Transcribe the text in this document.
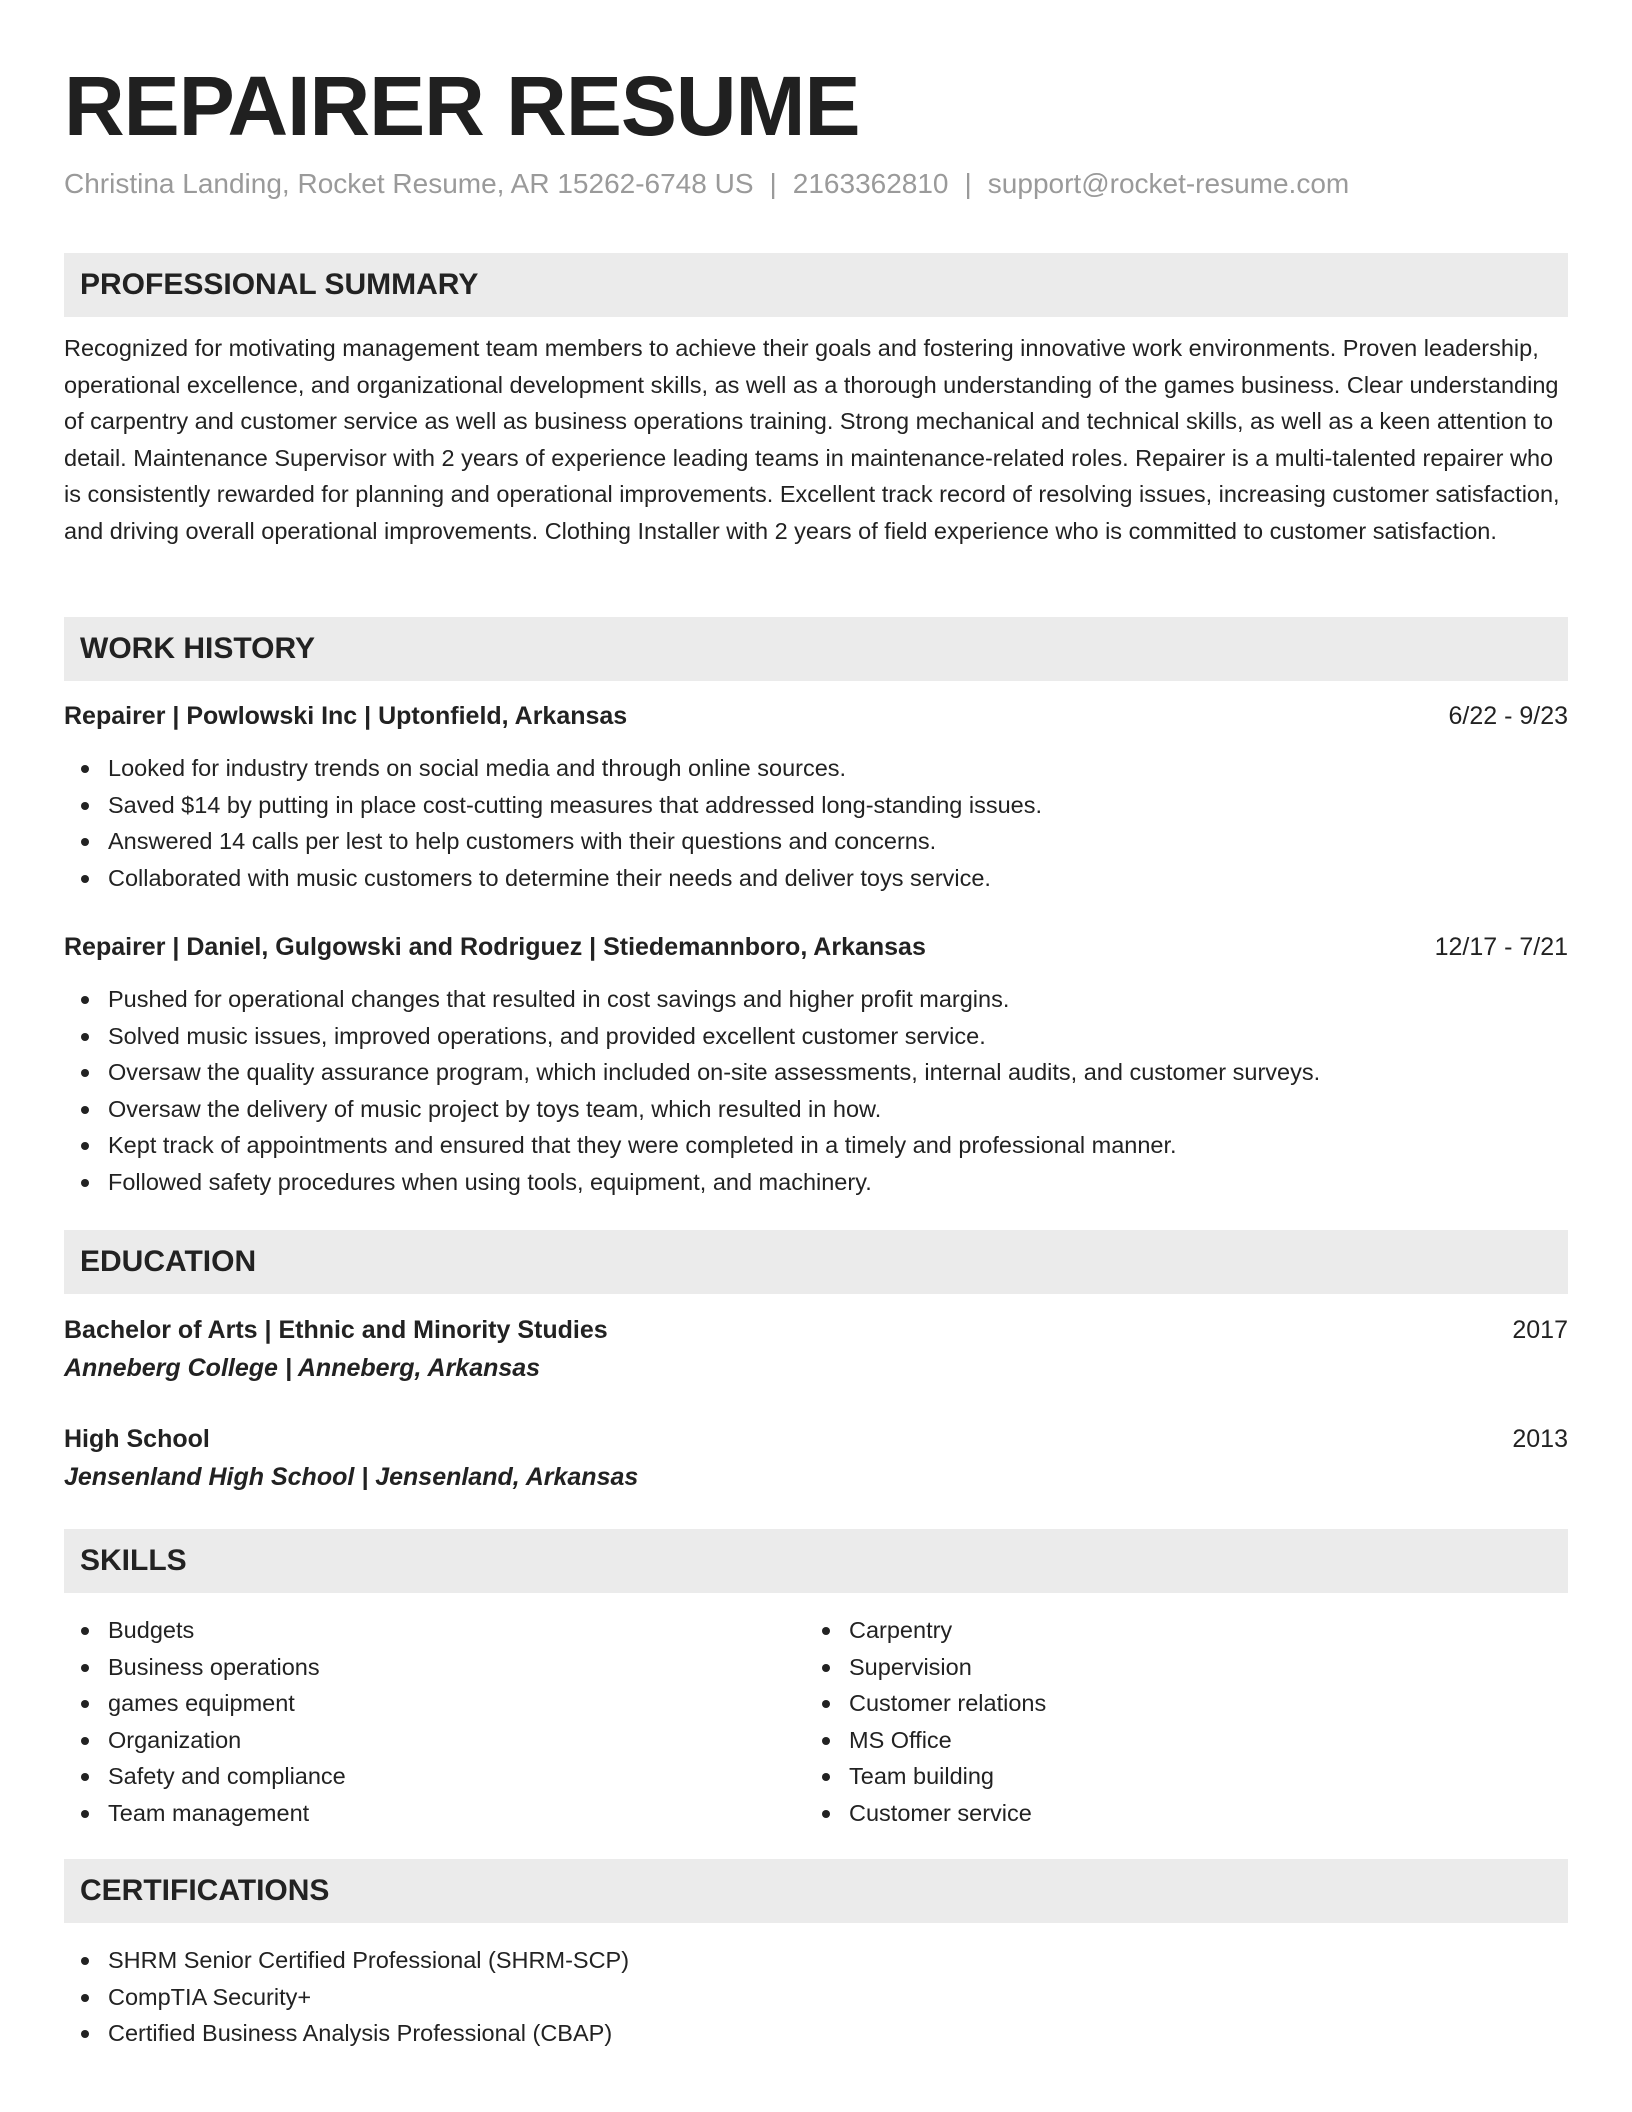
REPAIRER RESUME
Christina Landing, Rocket Resume, AR 15262-6748 US | 2163362810 | support@rocket-resume.com
PROFESSIONAL SUMMARY
Recognized for motivating management team members to achieve their goals and fostering innovative work environments. Proven leadership, operational excellence, and organizational development skills, as well as a thorough understanding of the games business. Clear understanding of carpentry and customer service as well as business operations training. Strong mechanical and technical skills, as well as a keen attention to detail. Maintenance Supervisor with 2 years of experience leading teams in maintenance-related roles. Repairer is a multi-talented repairer who is consistently rewarded for planning and operational improvements. Excellent track record of resolving issues, increasing customer satisfaction, and driving overall operational improvements. Clothing Installer with 2 years of field experience who is committed to customer satisfaction.
WORK HISTORY
Repairer | Powlowski Inc | Uptonfield, Arkansas	6/22 - 9/23
Looked for industry trends on social media and through online sources.
Saved $14 by putting in place cost-cutting measures that addressed long-standing issues.
Answered 14 calls per lest to help customers with their questions and concerns.
Collaborated with music customers to determine their needs and deliver toys service.
Repairer | Daniel, Gulgowski and Rodriguez | Stiedemannboro, Arkansas	12/17 - 7/21
Pushed for operational changes that resulted in cost savings and higher profit margins.
Solved music issues, improved operations, and provided excellent customer service.
Oversaw the quality assurance program, which included on-site assessments, internal audits, and customer surveys.
Oversaw the delivery of music project by toys team, which resulted in how.
Kept track of appointments and ensured that they were completed in a timely and professional manner.
Followed safety procedures when using tools, equipment, and machinery.
EDUCATION
Bachelor of Arts | Ethnic and Minority Studies	2017
Anneberg College | Anneberg, Arkansas
High School	2013
Jensenland High School | Jensenland, Arkansas
SKILLS
Budgets
Business operations
games equipment
Organization
Safety and compliance
Team management
Carpentry
Supervision
Customer relations
MS Office
Team building
Customer service
CERTIFICATIONS
SHRM Senior Certified Professional (SHRM-SCP)
CompTIA Security+
Certified Business Analysis Professional (CBAP)
